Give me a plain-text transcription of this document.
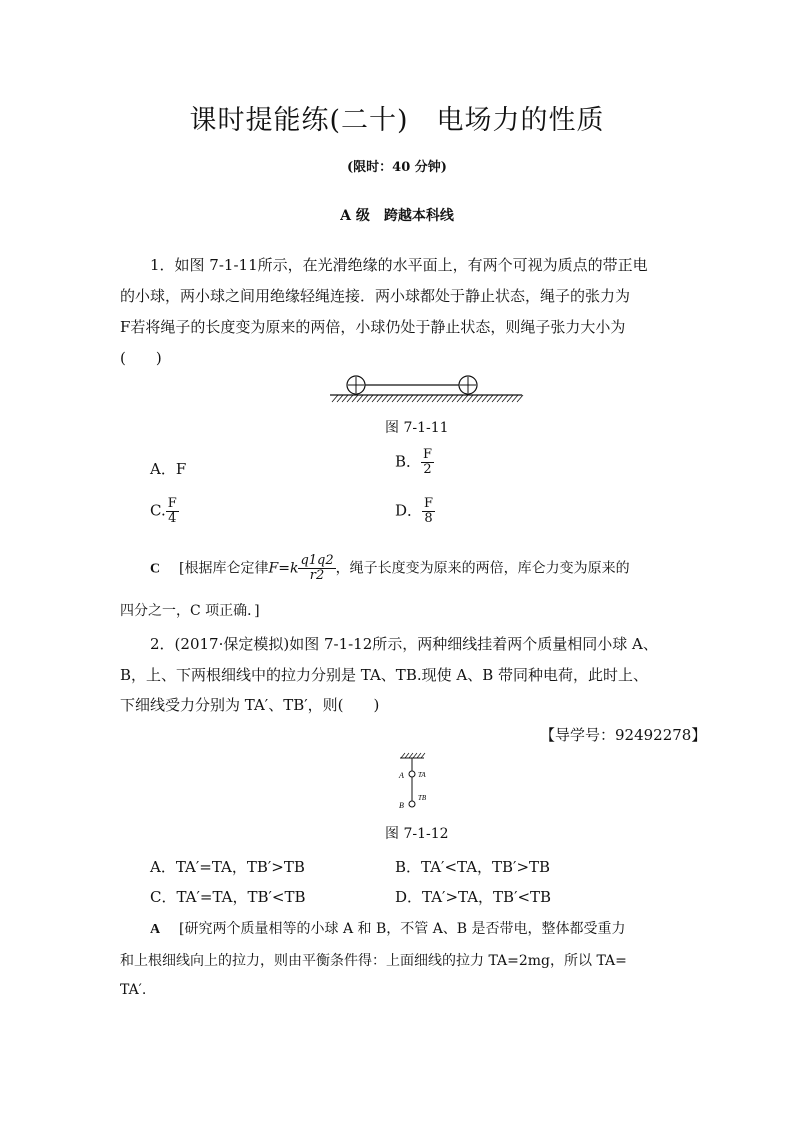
课时提能练(二十) 电场力的性质
(限时：40 分钟)
A 级 跨越本科线
1．如图 7-1-11所示，在光滑绝缘的水平面上，有两个可视为质点的带正电
的小球，两小球之间用绝缘轻绳连接．两小球都处于静止状态，绳子的张力为
F若将绳子的长度变为原来的两倍，小球仍处于静止状态，则绳子张力大小为
(　　)
图 7-1-11
A．F	B． $\frac{F}{2}$
C. $\frac{F}{4}$	D． $\frac{F}{8}$
C [根据库仑定律$F=k \frac{q1q2}{r2}$ ，绳子长度变为原来的两倍，库仑力变为原来的
四分之一，C 项正确．]
2．(2017·保定模拟)如图 7-1-12所示，两种细线挂着两个质量相同小球 A、
B，上、下两根细线中的拉力分别是 TA、TB.现使 A、B 带同种电荷，此时上、
下细线受力分别为 TA′、TB′，则(　　)
【导学号：92492278】
A TA
TB
B
图 7-1-12
A．TA′=TA，TB′>TB	B．TA′<TA，TB′>TB
C．TA′=TA，TB′<TB	D．TA′>TA，TB′<TB
A [研究两个质量相等的小球 A 和 B，不管 A、B 是否带电，整体都受重力
和上根细线向上的拉力，则由平衡条件得：上面细线的拉力 TA=2mg，所以 TA=
TA′.
